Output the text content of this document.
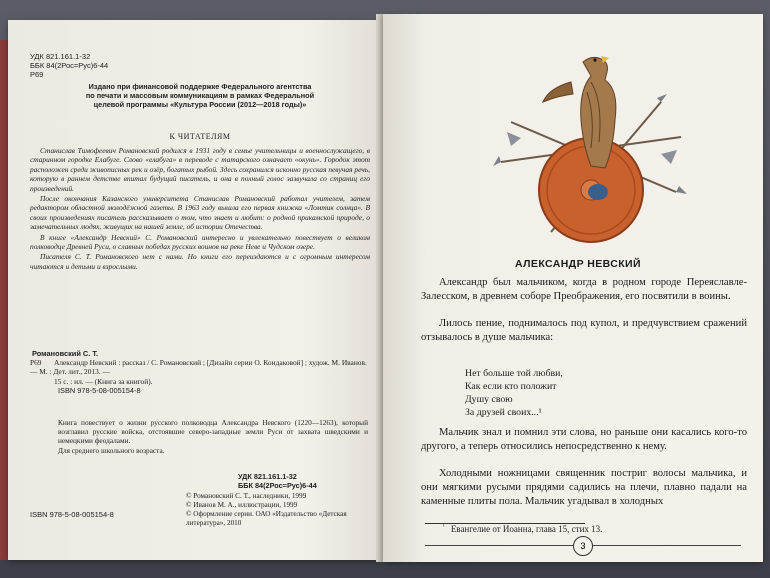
УДК 821.161.1-32
ББК 84(2Рос=Рус)6-44
Р69
Издано при финансовой поддержке Федерального агентства
по печати и массовым коммуникациям в рамках Федеральной
целевой программы «Культура России (2012—2018 годы)»
К ЧИТАТЕЛЯМ

Станислав Тимофеевич Романовский родился в 1931 году в семье учительницы и военнослужащего, в старинном городке Елабуге. Слово «елабуга» в переводе с татарского означает «окунь». Городок этот расположен среди живописных рек и озёр, богатых рыбой. Здесь сохранился исконно русская певучая речь, которую в раннем детстве впитал будущий писатель, и она в полный голос зазвучала со страниц его произведений.

После окончания Казанского университета Станислав Романовский работал учителем, затем редактором областной молодёжной газеты. В 1963 году вышла его первая книжка «Ломтик солнца». В своих произведениях писатель рассказывает о том, что знает и любит: о родной прикамской природе, о замечательных людях, живущих на нашей земле, об истории Отечества.

В книге «Александр Невский» С. Романовский интересно и увлекательно повествует о великом полководце Древней Руси, о славных победах русских воинов на реке Неве и Чудском озере.

Писателя С. Т. Романовского нет с нами. Но книги его переиздаются и с огромным интересом читаются и детьми и взрослыми.

Романовский С. Т.
Р69 Александр Невский : рассказ / С. Романовский ; [Дизайн серии О. Кондаковой] ; худож. М. Иванов. — М. : Дет. лит., 2013. —
15 с. : ил. — (Книга за книгой).
ISBN 978-5-08-005154-8

Книга повествует о жизни русского полководца Александра Невского (1220—1263), который возглавил русские войска, отстоявшие северо-западные земли Руси от захвата шведскими и немецкими феодалами.

Для среднего школьного возраста.

УДК 821.161.1-32
ББК 84(2Рос=Рус)6-44
© Романовский С. Т., наследники, 1999
© Иванов М. А., иллюстрации, 1999
© Оформление серии. ОАО «Издательство «Детская литература», 2010
ISBN 978-5-08-005154-8
АЛЕКСАНДР НЕВСКИЙ

Александр был мальчиком, когда в родном городе Переяславле-Залесском, в древнем соборе Преображения, его посвятили в воины.

Лилось пение, поднималось под купол, и предчувствием сражений отзывалось в душе мальчика:

Нет больше той любви,
Как если кто положит
Душу свою
За друзей своих...¹

Мальчик знал и помнил эти слова, но раньше они касались кого-то другого, а теперь относились непосредственно к нему.

Холодными ножницами священник постриг волосы мальчика, и они мягкими русыми прядями садились на плечи, плавно падали на каменные плиты пола. Мальчик угадывал в холодных

$^{^1}$ Евангелие от Иоанна, глава 15, стих 13.
3
